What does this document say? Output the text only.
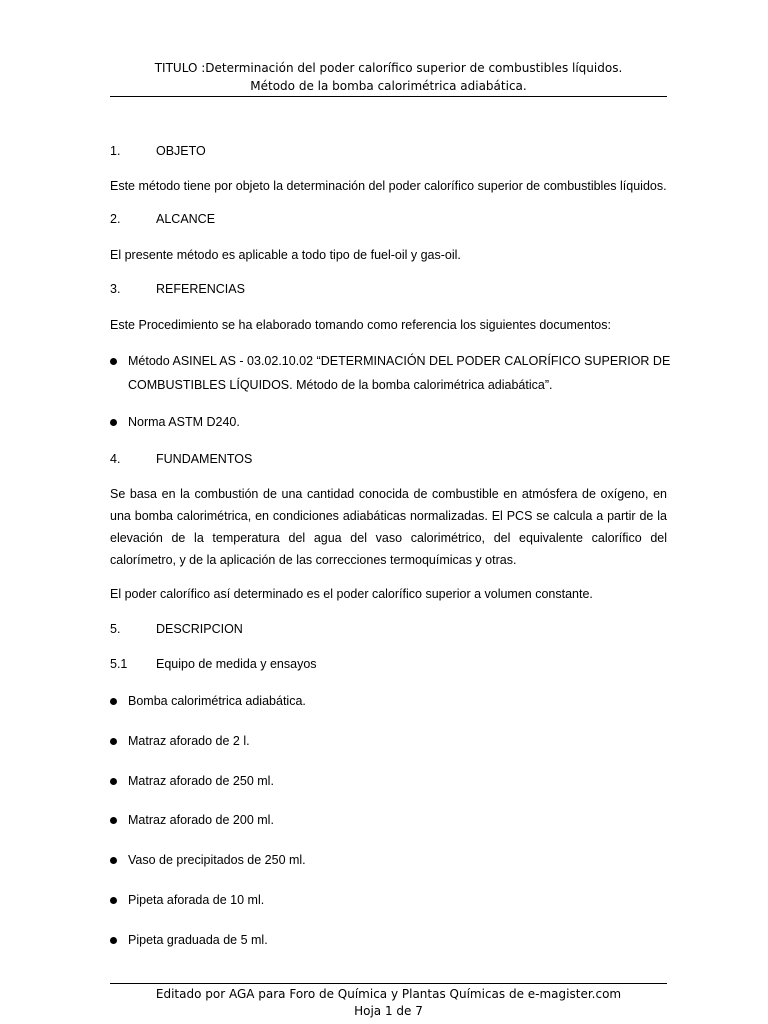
TITULO :Determinación del poder calorífico superior de combustibles líquidos.
Método de la bomba calorimétrica adiabática.
1.	OBJETO
Este método tiene por objeto la determinación del poder calorífico superior de combustibles líquidos.
2.	ALCANCE
El presente método es aplicable a todo tipo de fuel-oil y gas-oil.
3.	REFERENCIAS
Este Procedimiento se ha elaborado tomando como referencia los siguientes documentos:
Método ASINEL AS - 03.02.10.02 “DETERMINACIÓN DEL PODER CALORÍFICO SUPERIOR DE
COMBUSTIBLES LÍQUIDOS. Método de la bomba calorimétrica adiabática”.
Norma ASTM D240.
4.	FUNDAMENTOS
Se basa en la combustión de una cantidad conocida de combustible en atmósfera de oxígeno, en una bomba calorimétrica, en condiciones adiabáticas normalizadas. El PCS se calcula a partir de la elevación de la temperatura del agua del vaso calorimétrico, del equivalente calorífico del calorímetro, y de la aplicación de las correcciones termoquímicas y otras.
El poder calorífico así determinado es el poder calorífico superior a volumen constante.
5.	DESCRIPCION
5.1 Equipo de medida y ensayos
Bomba calorimétrica adiabática.
Matraz aforado de 2 l.
Matraz aforado de 250 ml.
Matraz aforado de 200 ml.
Vaso de precipitados de 250 ml.
Pipeta aforada de 10 ml.
Pipeta graduada de 5 ml.
Editado por AGA para Foro de Química y Plantas Químicas de e-magister.com
Hoja 1 de 7
